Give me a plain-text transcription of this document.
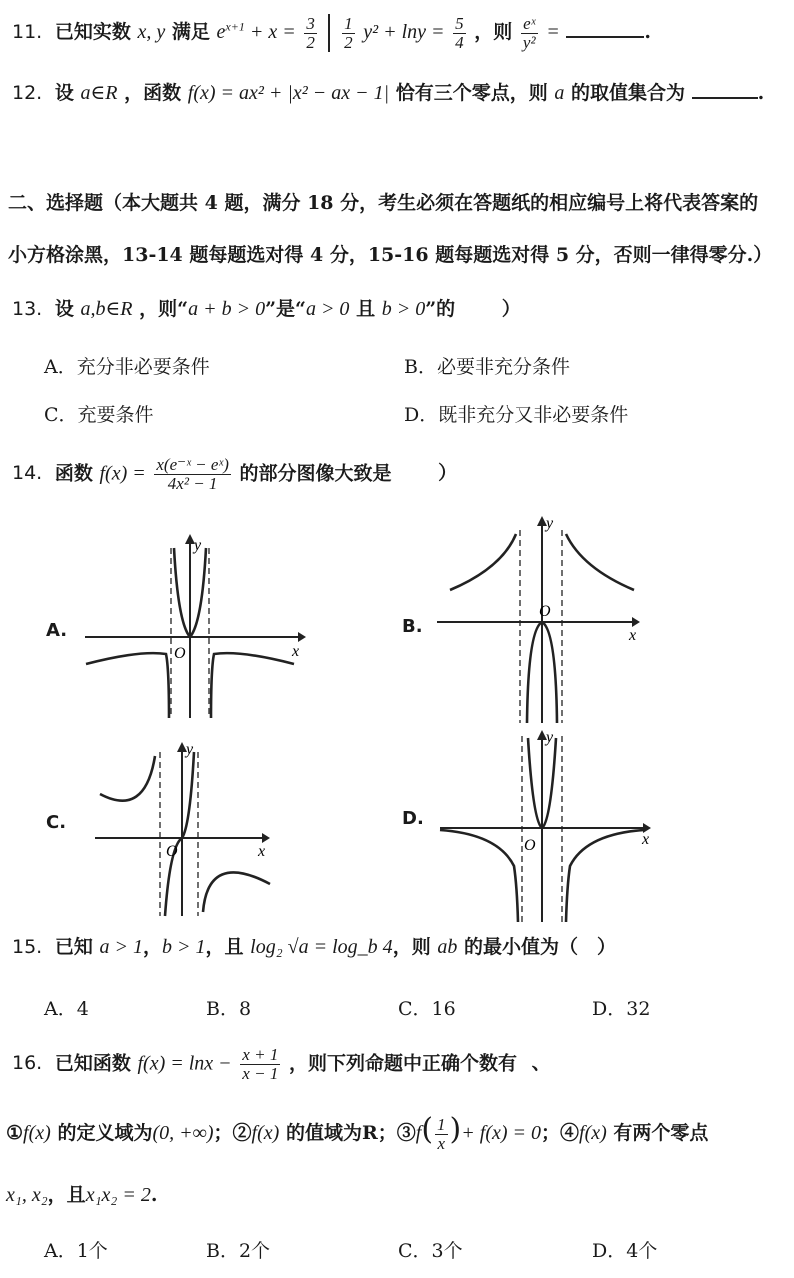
11. 已知实数 x, y 满足 $e^{x+1} + x = \frac{3}{2}$
$\frac{1}{2} y^2 + \ln y = \frac{5}{4}$ ，则 $\frac{\text{eˣ}}{\text{y²}}$ =	.
12. 设 a∈R ，函数 f(x) = ax² + |x² − ax − 1| 恰有三个零点，则 a 的取值集合为	.
二、选择题（本大题共 4 题，满分 18 分，考生必须在答题纸的相应编号上将代表答案的
小方格涂黑，13-14 题每题选对得 4 分，15-16 题每题选对得 5 分，否则一律得零分.）
13. 设 a,b∈R ，则“a + b > 0”是“a > 0 且 b > 0”的 ）
A．充分非必要条件	B．必要非充分条件
C．充要条件	D．既非充分又非必要条件
14. 函数 $f(x) = \frac{\text{x(e⁻ˣ − eˣ)}}{\text{4x² − 1}}$ 的部分图像大致是 ）
A.
y
x
O
B.
y
x
O
C.
y
x
O
D.
y
x
O
15. 已知 a > 1，b > 1，且 log₂ √a = log_b 4，则 ab 的最小值为（　）
A．4	B．8	C．16	D．32
16. 已知函数 $f(x) = \ln x - \frac{x + 1}{x - 1}$ ，则下列命题中正确个数有 、
①f(x) 的定义域为(0, +∞)；②f(x) 的值域为R；③f( $\frac{1}{x}$ )+ f(x) = 0；④f(x) 有两个零点
x₁, x₂，且x₁x₂ = 2.
A．1个	B．2个	C．3个	D．4个
